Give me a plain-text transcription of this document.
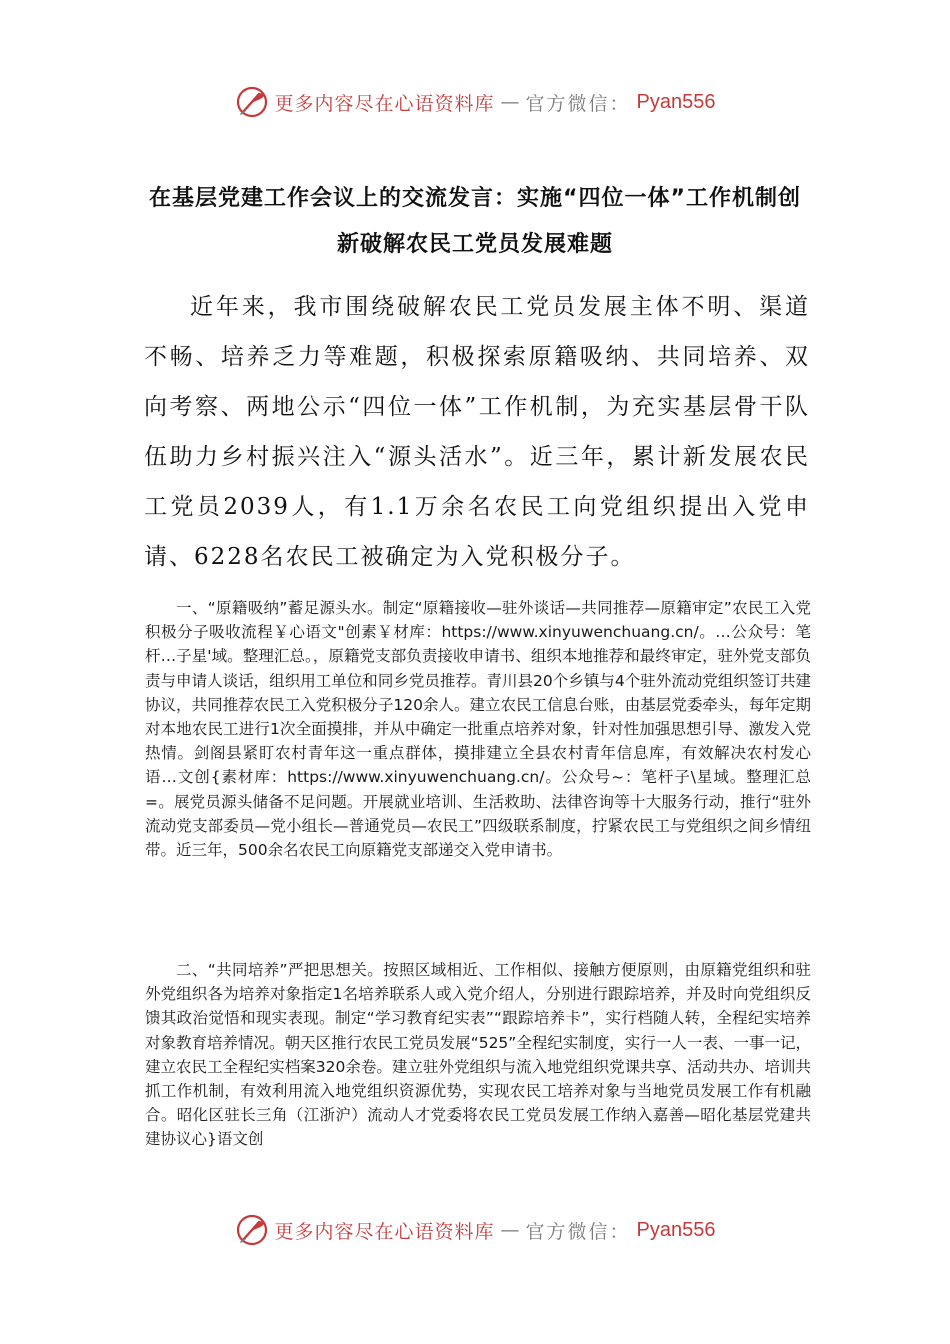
更多内容尽在心语资料库 — 官方微信： Pyan556
在基层党建工作会议上的交流发言：实施“四位一体”工作机制创新破解农民工党员发展难题

近年来，我市围绕破解农民工党员发展主体不明、渠道不畅、培养乏力等难题，积极探索原籍吸纳、共同培养、双向考察、两地公示“四位一体”工作机制，为充实基层骨干队伍助力乡村振兴注入“源头活水”。近三年，累计新发展农民工党员2039人，有1.1万余名农民工向党组织提出入党申请、6228名农民工被确定为入党积极分子。

一、“原籍吸纳”蓄足源头水。制定“原籍接收—驻外谈话—共同推荐—原籍审定”农民工入党积极分子吸收流程￥心语文"创素￥材库：https://www.xinyuwenchuang.cn/。…公众号：笔杆…子星'域。整理汇总。，原籍党支部负责接收申请书、组织本地推荐和最终审定，驻外党支部负责与申请人谈话，组织用工单位和同乡党员推荐。青川县20个乡镇与4个驻外流动党组织签订共建协议，共同推荐农民工入党积极分子120余人。建立农民工信息台账，由基层党委牵头，每年定期对本地农民工进行1次全面摸排，并从中确定一批重点培养对象，针对性加强思想引导、激发入党热情。剑阁县紧盯农村青年这一重点群体，摸排建立全县农村青年信息库，有效解决农村发心语…文创{素材库：https://www.xinyuwenchuang.cn/。公众号~：笔杆子\星域。整理汇总=。展党员源头储备不足问题。开展就业培训、生活救助、法律咨询等十大服务行动，推行“驻外流动党支部委员—党小组长—普通党员—农民工”四级联系制度，拧紧农民工与党组织之间乡情纽带。近三年，500余名农民工向原籍党支部递交入党申请书。

二、“共同培养”严把思想关。按照区域相近、工作相似、接触方便原则，由原籍党组织和驻外党组织各为培养对象指定1名培养联系人或入党介绍人，分别进行跟踪培养，并及时向党组织反馈其政治觉悟和现实表现。制定“学习教育纪实表”“跟踪培养卡”，实行档随人转，全程纪实培养对象教育培养情况。朝天区推行农民工党员发展“525”全程纪实制度，实行一人一表、一事一记，建立农民工全程纪实档案320余卷。建立驻外党组织与流入地党组织党课共享、活动共办、培训共抓工作机制，有效利用流入地党组织资源优势，实现农民工培养对象与当地党员发展工作有机融合。昭化区驻长三角（江浙沪）流动人才党委将农民工党员发展工作纳入嘉善—昭化基层党建共建协议心}语文创

更多内容尽在心语资料库 — 官方微信： Pyan556
